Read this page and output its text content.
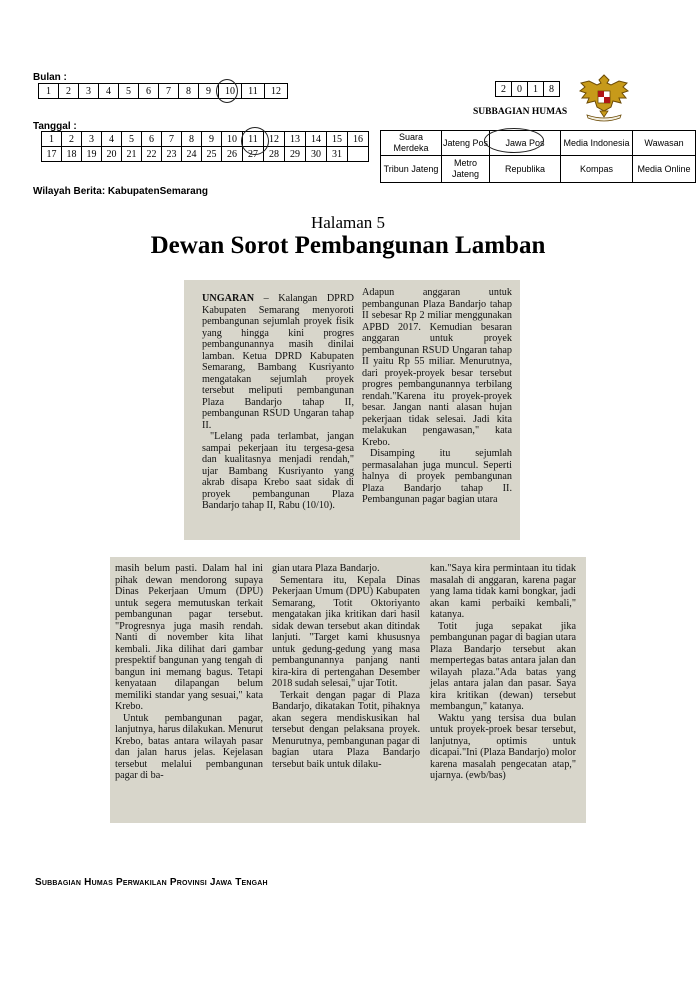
Bulan :
1	2	3	4	5	6	7	8	9	10	11	12
Tanggal :
1	2	3	4	5	6	7	8	9	10	11	12	13	14	15	16
17	18	19	20	21	22	23	24	25	26	27	28	29	30	31	
Wilayah Berita: KabupatenSemarang
2	0	1	8
SUBBAGIAN HUMAS
Suara Merdeka	Jateng Pos	Jawa Pos	Media Indonesia	Wawasan
Tribun Jateng	Metro Jateng	Republika	Kompas	Media Online
Halaman 5
Dewan Sorot Pembangunan Lamban

UNGARAN – Kalangan DPRD Kabupaten Semarang menyoroti pembangunan sejumlah proyek fisik yang hingga kini progres pembangunannya masih dinilai lamban. Ketua DPRD Kabupaten Semarang, Bambang Kusriyanto mengatakan sejumlah proyek tersebut meliputi pembangunan Plaza Bandarjo tahap II, pembangunan RSUD Ungaran tahap II.

"Lelang pada terlambat, jangan sampai pekerjaan itu tergesa-gesa dan kualitasnya menjadi rendah," ujar Bambang Kusriyanto yang akrab disapa Krebo saat sidak di proyek pembangunan Plaza Bandarjo tahap II, Rabu (10/10).

Adapun anggaran untuk pembangunan Plaza Bandarjo tahap II sebesar Rp 2 miliar menggunakan APBD 2017. Kemudian besaran anggaran untuk proyek pembangunan RSUD Ungaran tahap II yaitu Rp 55 miliar. Menurutnya, dari proyek-proyek besar tersebut progres pembangunannya terbilang rendah."Karena itu proyek-proyek besar. Jangan nanti alasan hujan pekerjaan tidak selesai. Jadi kita melakukan pengawasan," kata Krebo.

Disamping itu sejumlah permasalahan juga muncul. Seperti halnya di proyek pembangunan Plaza Bandarjo tahap II. Pembangunan pagar bagian utara

masih belum pasti. Dalam hal ini pihak dewan mendorong supaya Dinas Pekerjaan Umum (DPU) untuk segera memutuskan terkait pembangunan pagar tersebut. "Progresnya juga masih rendah. Nanti di november kita lihat kembali. Jika dilihat dari gambar prespektif bangunan yang tengah di bangun ini memang bagus. Tetapi kenyataan dilapangan belum memiliki standar yang sesuai," kata Krebo.

Untuk pembangunan pagar, lanjutnya, harus dilakukan. Menurut Krebo, batas antara wilayah pasar dan jalan harus jelas. Kejelasan tersebut melalui pembangunan pagar di ba-

gian utara Plaza Bandarjo.

Sementara itu, Kepala Dinas Pekerjaan Umum (DPU) Kabupaten Semarang, Totit Oktoriyanto mengatakan jika kritikan dari hasil sidak dewan tersebut akan ditindak lanjuti. "Target kami khususnya untuk gedung-gedung yang masa pembangunannya panjang nanti kira-kira di pertengahan Desember 2018 sudah selesai," ujar Totit.

Terkait dengan pagar di Plaza Bandarjo, dikatakan Totit, pihaknya akan segera mendiskusikan hal tersebut dengan pelaksana proyek. Menurutnya, pembangunan pagar di bagian utara Plaza Bandarjo tersebut baik untuk dilaku-

kan."Saya kira permintaan itu tidak masalah di anggaran, karena pagar yang lama tidak kami bongkar, jadi akan kami perbaiki kembali," katanya.

Totit juga sepakat jika pembangunan pagar di bagian utara Plaza Bandarjo tersebut akan mempertegas batas antara jalan dan wilayah plaza."Ada batas yang jelas antara jalan dan pasar. Saya kira kritikan (dewan) tersebut membangun," katanya.

Waktu yang tersisa dua bulan untuk proyek-proek besar tersebut, lanjutnya, optimis untuk dicapai."Ini (Plaza Bandarjo) molor karena masalah pengecatan atap," ujarnya. (ewb/bas)

Subbagian Humas Perwakilan Provinsi Jawa Tengah
